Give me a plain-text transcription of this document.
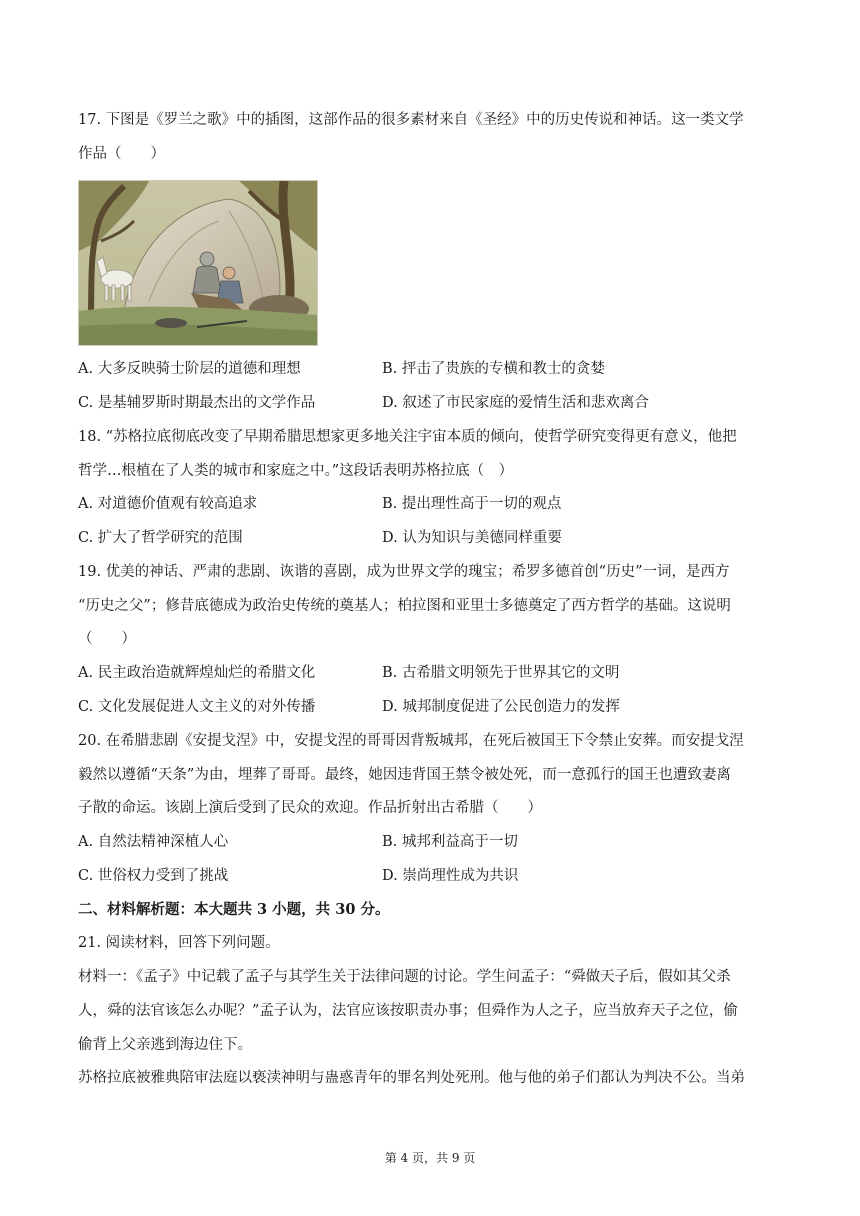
17. 下图是《罗兰之歌》中的插图，这部作品的很多素材来自《圣经》中的历史传说和神话。这一类文学
作品（　　）
A. 大多反映骑士阶层的道德和理想	B. 抨击了贵族的专横和教士的贪婪
C. 是基辅罗斯时期最杰出的文学作品	D. 叙述了市民家庭的爱情生活和悲欢离合
18. “苏格拉底彻底改变了早期希腊思想家更多地关注宇宙本质的倾向，使哲学研究变得更有意义，他把
哲学…根植在了人类的城市和家庭之中。”这段话表明苏格拉底（　）
A. 对道德价值观有较高追求	B. 提出理性高于一切的观点
C. 扩大了哲学研究的范围	D. 认为知识与美德同样重要
19. 优美的神话、严肃的悲剧、诙谐的喜剧，成为世界文学的瑰宝；希罗多德首创“历史”一词，是西方
“历史之父”；修昔底德成为政治史传统的奠基人；柏拉图和亚里士多德奠定了西方哲学的基础。这说明
（　　）
A. 民主政治造就辉煌灿烂的希腊文化	B. 古希腊文明领先于世界其它的文明
C. 文化发展促进人文主义的对外传播	D. 城邦制度促进了公民创造力的发挥
20. 在希腊悲剧《安提戈涅》中，安提戈涅的哥哥因背叛城邦，在死后被国王下令禁止安葬。而安提戈涅
毅然以遵循“天条”为由，埋葬了哥哥。最终，她因违背国王禁令被处死，而一意孤行的国王也遭致妻离
子散的命运。该剧上演后受到了民众的欢迎。作品折射出古希腊（　　）
A. 自然法精神深植人心	B. 城邦利益高于一切
C. 世俗权力受到了挑战	D. 崇尚理性成为共识
二、材料解析题：本大题共 3 小题，共 30 分。
21. 阅读材料，回答下列问题。
材料一：《孟子》中记载了孟子与其学生关于法律问题的讨论。学生问孟子：“舜做天子后，假如其父杀
人，舜的法官该怎么办呢？”孟子认为，法官应该按职责办事；但舜作为人之子，应当放弃天子之位，偷
偷背上父亲逃到海边住下。
苏格拉底被雅典陪审法庭以亵渎神明与蛊惑青年的罪名判处死刑。他与他的弟子们都认为判决不公。当弟
第 4 页，共 9 页
